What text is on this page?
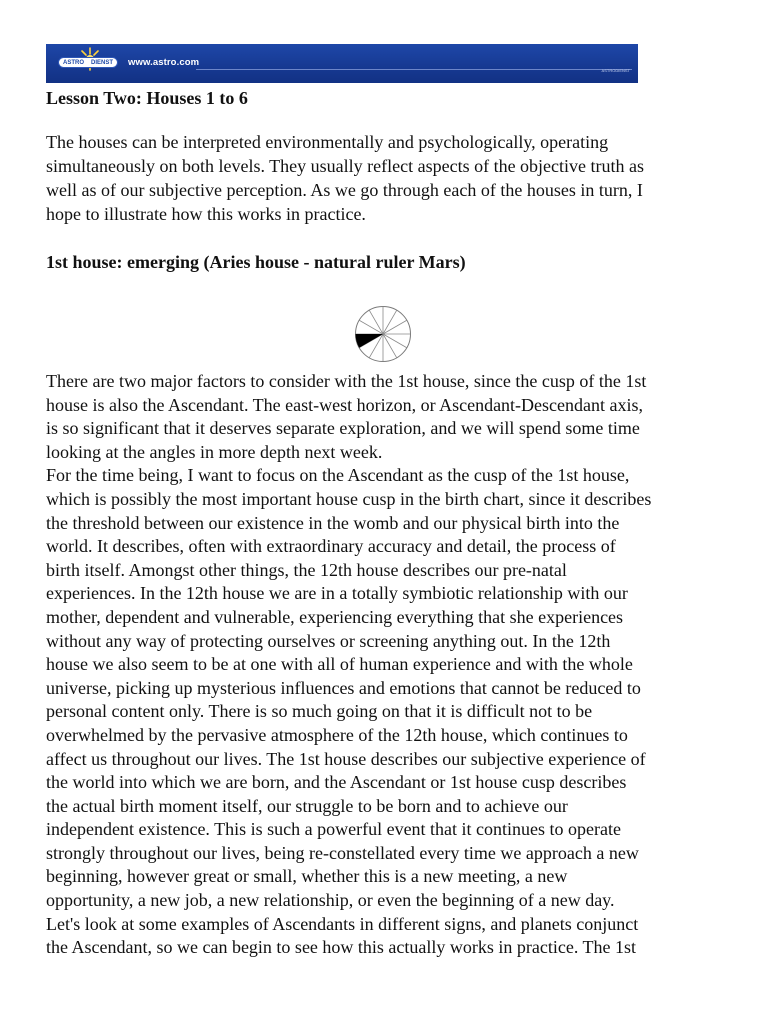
ASTRO DIENST www.astro.com
ASTRODIENST
Lesson Two: Houses 1 to 6

The houses can be interpreted environmentally and psychologically, operating
simultaneously on both levels. They usually reflect aspects of the objective truth as
well as of our subjective perception. As we go through each of the houses in turn, I
hope to illustrate how this works in practice.

1st house: emerging (Aries house - natural ruler Mars)

There are two major factors to consider with the 1st house, since the cusp of the 1st
house is also the Ascendant. The east-west horizon, or Ascendant-Descendant axis,
is so significant that it deserves separate exploration, and we will spend some time
looking at the angles in more depth next week.
For the time being, I want to focus on the Ascendant as the cusp of the 1st house,
which is possibly the most important house cusp in the birth chart, since it describes
the threshold between our existence in the womb and our physical birth into the
world. It describes, often with extraordinary accuracy and detail, the process of
birth itself. Amongst other things, the 12th house describes our pre-natal
experiences. In the 12th house we are in a totally symbiotic relationship with our
mother, dependent and vulnerable, experiencing everything that she experiences
without any way of protecting ourselves or screening anything out. In the 12th
house we also seem to be at one with all of human experience and with the whole
universe, picking up mysterious influences and emotions that cannot be reduced to
personal content only. There is so much going on that it is difficult not to be
overwhelmed by the pervasive atmosphere of the 12th house, which continues to
affect us throughout our lives. The 1st house describes our subjective experience of
the world into which we are born, and the Ascendant or 1st house cusp describes
the actual birth moment itself, our struggle to be born and to achieve our
independent existence. This is such a powerful event that it continues to operate
strongly throughout our lives, being re-constellated every time we approach a new
beginning, however great or small, whether this is a new meeting, a new
opportunity, a new job, a new relationship, or even the beginning of a new day.
Let's look at some examples of Ascendants in different signs, and planets conjunct
the Ascendant, so we can begin to see how this actually works in practice. The 1st
